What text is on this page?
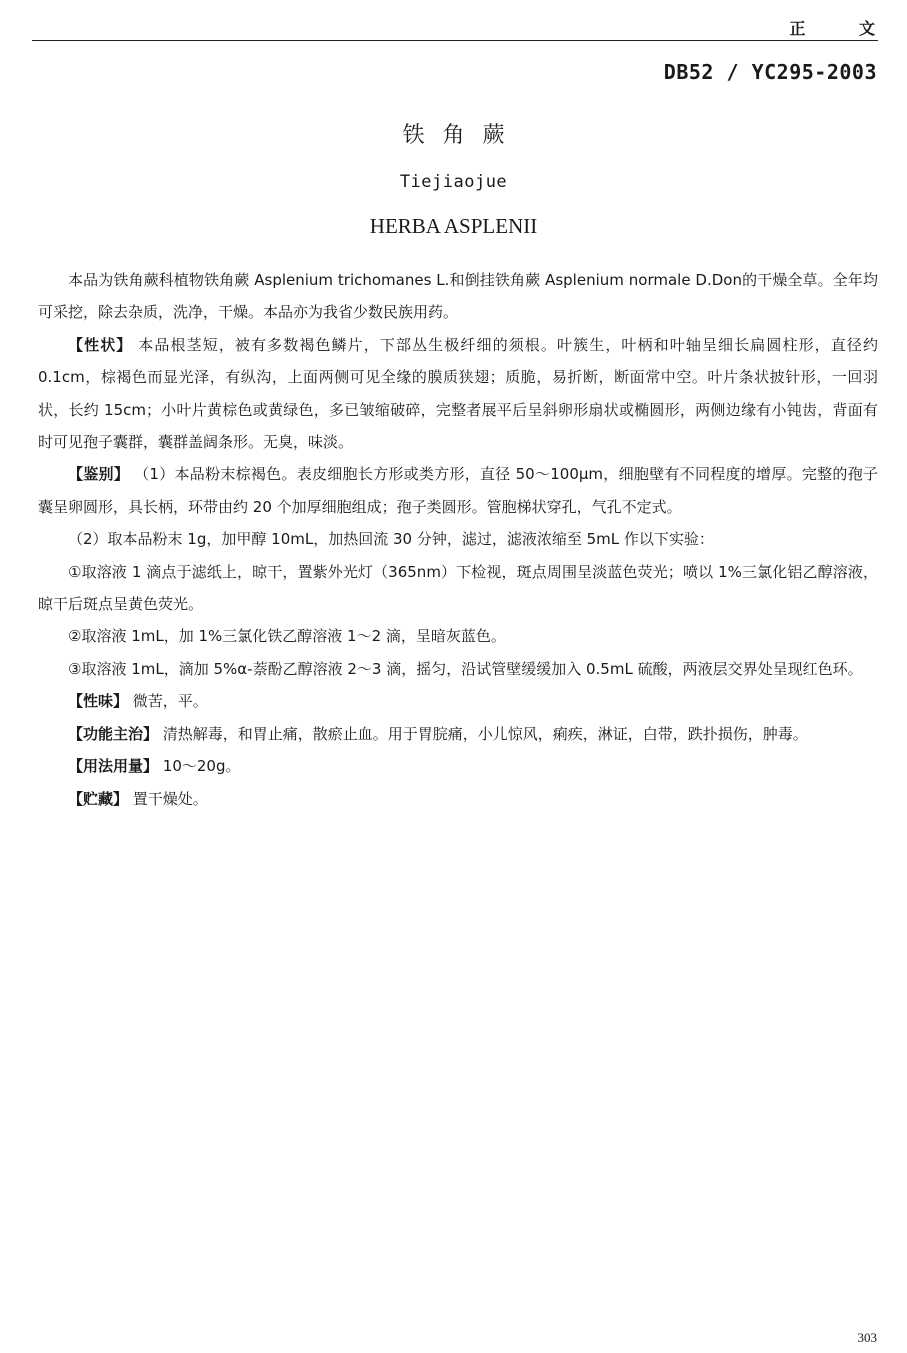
正 文
DB52 / YC295-2003
铁角蕨
Tiejiaojue
HERBA ASPLENII

本品为铁角蕨科植物铁角蕨 Asplenium trichomanes L.和倒挂铁角蕨 Asplenium normale D.Don的干燥全草。全年均可采挖，除去杂质，洗净，干燥。本品亦为我省少数民族用药。

【性状】 本品根茎短，被有多数褐色鳞片，下部丛生极纤细的须根。叶簇生，叶柄和叶轴呈细长扁圆柱形，直径约 0.1cm，棕褐色而显光泽，有纵沟，上面两侧可见全缘的膜质狭翅；质脆，易折断，断面常中空。叶片条状披针形，一回羽状，长约 15cm；小叶片黄棕色或黄绿色，多已皱缩破碎，完整者展平后呈斜卵形扇状或椭圆形，两侧边缘有小钝齿，背面有时可见孢子囊群，囊群盖阔条形。无臭，味淡。

【鉴别】 （1）本品粉末棕褐色。表皮细胞长方形或类方形，直径 50～100μm，细胞壁有不同程度的增厚。完整的孢子囊呈卵圆形，具长柄，环带由约 20 个加厚细胞组成；孢子类圆形。管胞梯状穿孔，气孔不定式。

（2）取本品粉末 1g，加甲醇 10mL，加热回流 30 分钟，滤过，滤液浓缩至 5mL 作以下实验：

①取溶液 1 滴点于滤纸上，晾干，置紫外光灯（365nm）下检视，斑点周围呈淡蓝色荧光；喷以 1%三氯化铝乙醇溶液，晾干后斑点呈黄色荧光。

②取溶液 1mL，加 1%三氯化铁乙醇溶液 1～2 滴，呈暗灰蓝色。

③取溶液 1mL，滴加 5%α-萘酚乙醇溶液 2～3 滴，摇匀，沿试管壁缓缓加入 0.5mL 硫酸，两液层交界处呈现红色环。

【性味】 微苦，平。

【功能主治】 清热解毒，和胃止痛，散瘀止血。用于胃脘痛，小儿惊风，痢疾，淋证，白带，跌扑损伤，肿毒。

【用法用量】 10～20g。

【贮藏】 置干燥处。

303
